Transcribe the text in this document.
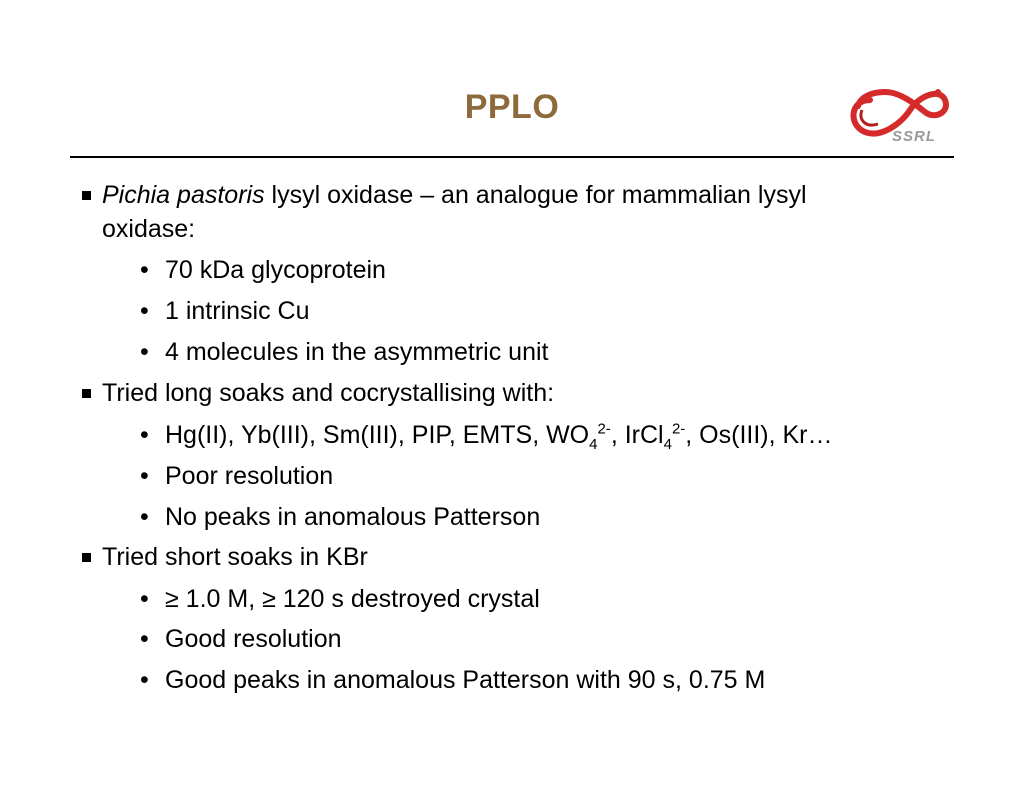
PPLO
SSRL
Pichia pastoris lysyl oxidase – an analogue for mammalian lysyl
oxidase:
• 70 kDa glycoprotein
• 1 intrinsic Cu
• 4 molecules in the asymmetric unit
Tried long soaks and cocrystallising with:
• Hg(II), Yb(III), Sm(III), PIP, EMTS, $WO_4^{2-}$, IrCl$_4^{2-}$, Os(III), Kr…
• Poor resolution
• No peaks in anomalous Patterson
Tried short soaks in KBr
• ≥ 1.0 M, ≥ 120 s destroyed crystal
• Good resolution
• Good peaks in anomalous Patterson with 90 s, 0.75 M
